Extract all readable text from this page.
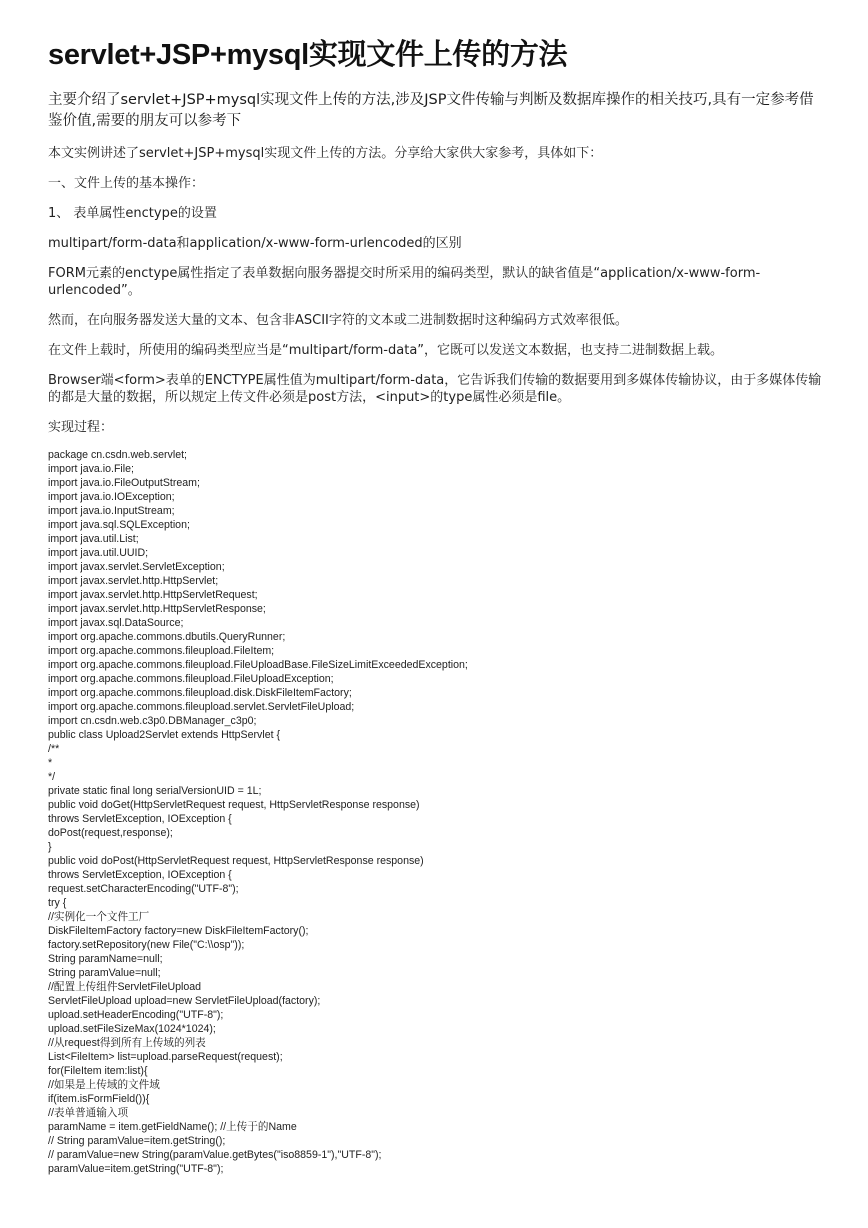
servlet+JSP+mysql实现文件上传的方法

主要介绍了servlet+JSP+mysql实现文件上传的方法,涉及JSP文件传输与判断及数据库操作的相关技巧,具有一定参考借鉴价值,需要的朋友可以参考下

本文实例讲述了servlet+JSP+mysql实现文件上传的方法。分享给大家供大家参考，具体如下：

一、文件上传的基本操作：

1、 表单属性enctype的设置

multipart/form-data和application/x-www-form-urlencoded的区别

FORM元素的enctype属性指定了表单数据向服务器提交时所采用的编码类型，默认的缺省值是“application/x-www-form-urlencoded”。

然而，在向服务器发送大量的文本、包含非ASCII字符的文本或二进制数据时这种编码方式效率很低。

在文件上载时，所使用的编码类型应当是“multipart/form-data”，它既可以发送文本数据，也支持二进制数据上载。

Browser端<form>表单的ENCTYPE属性值为multipart/form-data，它告诉我们传输的数据要用到多媒体传输协议，由于多媒体传输的都是大量的数据，所以规定上传文件必须是post方法，<input>的type属性必须是file。

实现过程：

package cn.csdn.web.servlet;
import java.io.File;
import java.io.FileOutputStream;
import java.io.IOException;
import java.io.InputStream;
import java.sql.SQLException;
import java.util.List;
import java.util.UUID;
import javax.servlet.ServletException;
import javax.servlet.http.HttpServlet;
import javax.servlet.http.HttpServletRequest;
import javax.servlet.http.HttpServletResponse;
import javax.sql.DataSource;
import org.apache.commons.dbutils.QueryRunner;
import org.apache.commons.fileupload.FileItem;
import org.apache.commons.fileupload.FileUploadBase.FileSizeLimitExceededException;
import org.apache.commons.fileupload.FileUploadException;
import org.apache.commons.fileupload.disk.DiskFileItemFactory;
import org.apache.commons.fileupload.servlet.ServletFileUpload;
import cn.csdn.web.c3p0.DBManager_c3p0;
public class Upload2Servlet extends HttpServlet {
/**
*
*/
private static final long serialVersionUID = 1L;
public void doGet(HttpServletRequest request, HttpServletResponse response)
throws ServletException, IOException {
doPost(request,response);
}
public void doPost(HttpServletRequest request, HttpServletResponse response)
throws ServletException, IOException {
request.setCharacterEncoding("UTF-8");
try {
//实例化一个文件工厂
DiskFileItemFactory factory=new DiskFileItemFactory();
factory.setRepository(new File("C:\\osp"));
String paramName=null;
String paramValue=null;
//配置上传组件ServletFileUpload
ServletFileUpload upload=new ServletFileUpload(factory);
upload.setHeaderEncoding("UTF-8");
upload.setFileSizeMax(1024*1024);
//从request得到所有上传域的列表
List<FileItem> list=upload.parseRequest(request);
for(FileItem item:list){
//如果是上传域的文件域
if(item.isFormField()){
//表单普通输入项
paramName = item.getFieldName(); //上传于的Name
// String paramValue=item.getString();
// paramValue=new String(paramValue.getBytes("iso8859-1"),"UTF-8");
paramValue=item.getString("UTF-8");
